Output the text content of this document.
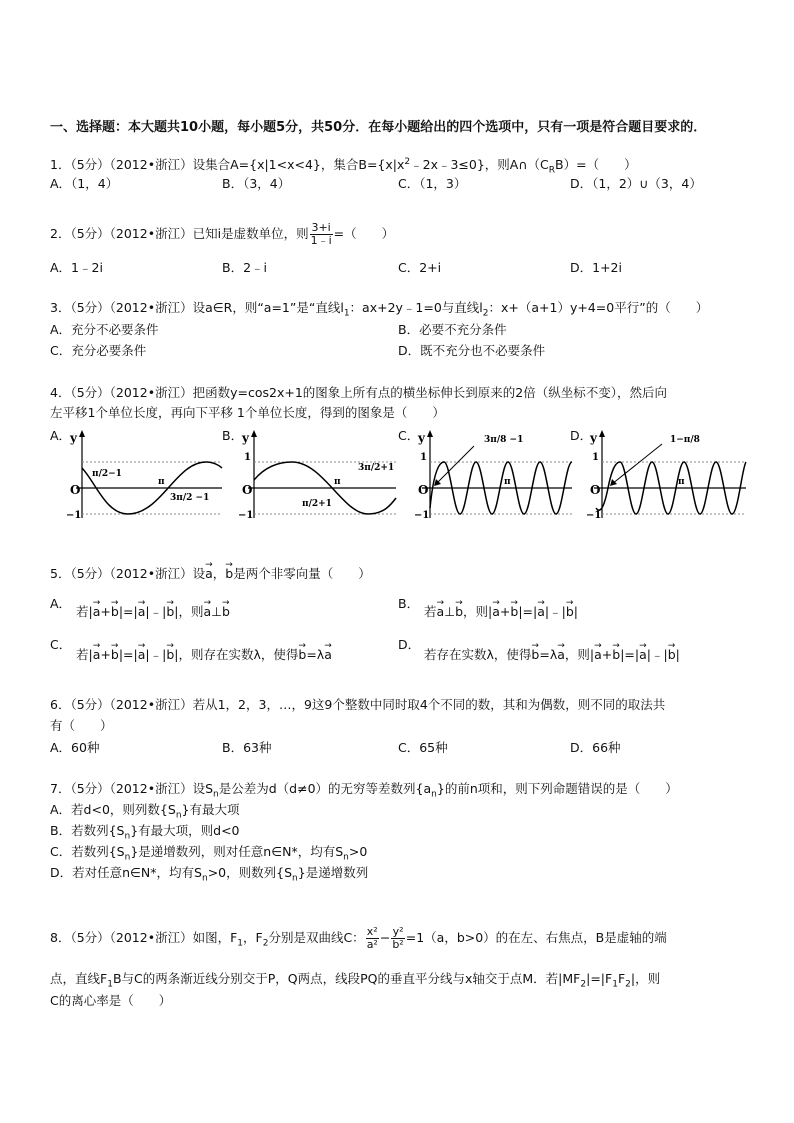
一、选择题：本大题共10小题，每小题5分，共50分．在每小题给出的四个选项中，只有一项是符合题目要求的．
1．（5分）（2012•浙江）设集合A={x|1<x<4}，集合$B=\{x|x^2﹣2x﹣3\le 0\}$，则$A\cap(C_RB)=$（　　）
A．（1，4）	B．（3，4）	C．（1，3）	D．（1，2）∪（3，4）
2．（5分）（2012•浙江）已知i是虚数单位，则 $\frac{3+i}{1﹣i}$ =（　　）
A．1﹣2i	B．2﹣i	C．2+i	D．1+2i
3．（5分）（2012•浙江）设a∈R，则“a=1”是“直线$l_1$：ax+2y﹣1=0与直线$l_2$：x+（a+1）y+4=0平行”的（　　）
A．充分不必要条件	B．必要不充分条件
C．充分必要条件	D．既不充分也不必要条件
4．（5分）（2012•浙江）把函数y=cos2x+1的图象上所有点的横坐标伸长到原来的2倍（纵坐标不变），然后向
左平移1个单位长度，再向下平移 1个单位长度，得到的图象是（　　）
A．
y
O
−1
π/2−1
π
3π/2 −1
B．
y
1
O
−1
π/2+1
π
3π/2+1
C．
y
1
O
−1
3π/8 −1
π
D．
y
1
O
−1
1−π/8
π
5．（5分）（2012•浙江）设→ a，→ b是两个非零向量（　　）
A．
若|→ a+→ b|=|→ a|﹣|→ b|，则→ a⊥→ b
B．
若→ a⊥→ b，则|→ a+→ b|=|→ a|﹣|→ b|
C．
若|→ a+→ b|=|→ a|﹣|→ b|，则存在实数λ，使得→ b=λ→ a
D．
若存在实数λ，使得→ b=λ→ a，则|→ a+→ b|=|→ a|﹣|→ b|
6．（5分）（2012•浙江）若从1，2，3，…，9这9个整数中同时取4个不同的数，其和为偶数，则不同的取法共
有（　　）
A．60种	B．63种	C．65种	D．66种
7．（5分）（2012•浙江）设$S_n$是公差为d（d≠0）的无穷等差数列$\{a_n\}$的前n项和，则下列命题错误的是（　　）
A．若d<0，则列数$\{S_n\}$有最大项
B．若数列$\{S_n\}$有最大项，则d<0
C．若数列$\{S_n\}$是递增数列，则对任意n∈N*，均有$S_n>0$
D．若对任意n∈N*，均有$S_n>0$，则数列$\{S_n\}$是递增数列
8．（5分）（2012•浙江）如图，$F_1$，$F_2$分别是双曲线C： $\frac{\text{x²}}{\text{a²}} - \frac{\text{y²}}{\text{b²}} =1(a$，b>0）的在左、右焦点，B是虚轴的端
点，直线$F_1B$与C的两条渐近线分别交于P，Q两点，线段PQ的垂直平分线与x轴交于点M．若$|MF_2|=|F_1F_2|$，则
C的离心率是（　　）
